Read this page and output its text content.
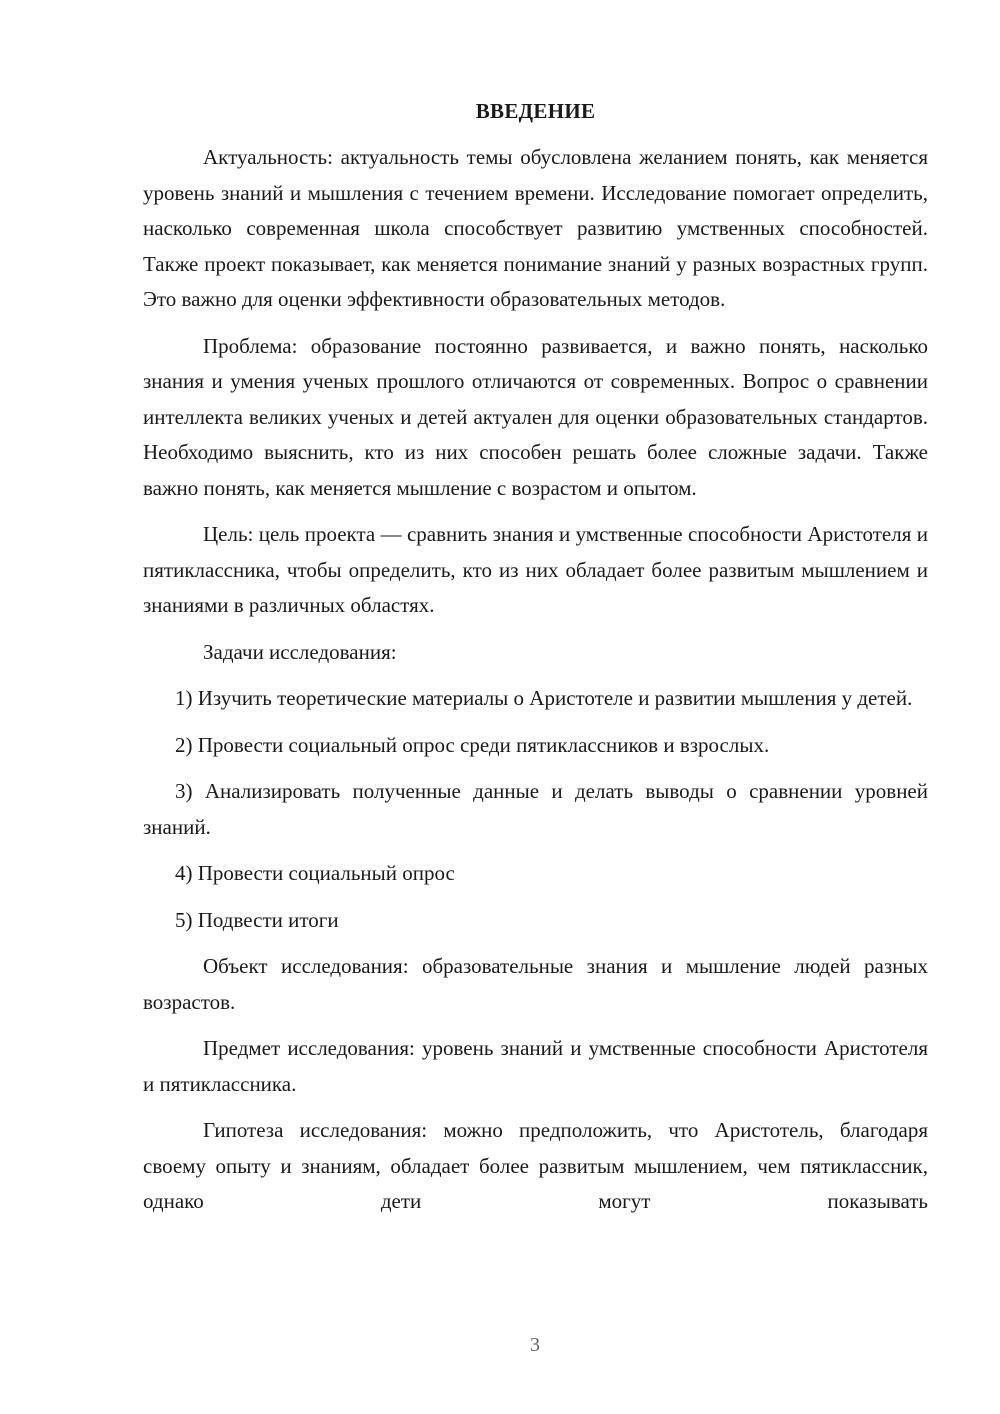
ВВЕДЕНИЕ

Актуальность: актуальность темы обусловлена желанием понять, как меняется уровень знаний и мышления с течением времени. Исследование помогает определить, насколько современная школа способствует развитию умственных способностей. Также проект показывает, как меняется понимание знаний у разных возрастных групп. Это важно для оценки эффективности образовательных методов.

Проблема: образование постоянно развивается, и важно понять, насколько знания и умения ученых прошлого отличаются от современных. Вопрос о сравнении интеллекта великих ученых и детей актуален для оценки образовательных стандартов. Необходимо выяснить, кто из них способен решать более сложные задачи. Также важно понять, как меняется мышление с возрастом и опытом.

Цель: цель проекта — сравнить знания и умственные способности Аристотеля и пятиклассника, чтобы определить, кто из них обладает более развитым мышлением и знаниями в различных областях.

Задачи исследования:

1) Изучить теоретические материалы о Аристотеле и развитии мышления у детей.

2) Провести социальный опрос среди пятиклассников и взрослых.

3) Анализировать полученные данные и делать выводы о сравнении уровней знаний.

4) Провести социальный опрос

5) Подвести итоги

Объект исследования: образовательные знания и мышление людей разных возрастов.

Предмет исследования: уровень знаний и умственные способности Аристотеля и пятиклассника.

Гипотеза исследования: можно предположить, что Аристотель, благодаря своему опыту и знаниям, обладает более развитым мышлением, чем пятиклассник, однако дети могут показывать

3
